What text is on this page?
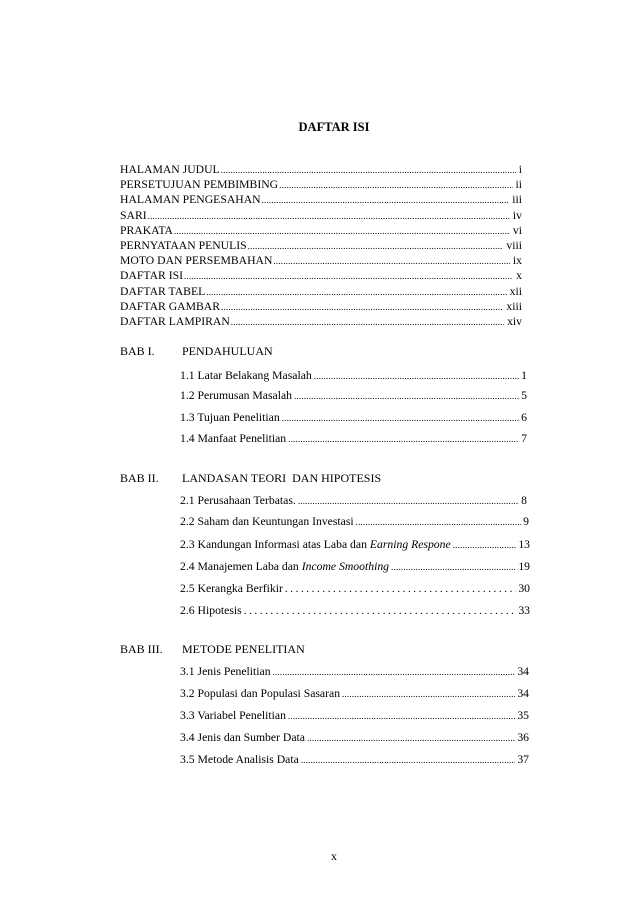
DAFTAR ISI
HALAMAN JUDUL .....	i
PERSETUJUAN PEMBIMBING .....	ii
HALAMAN PENGESAHAN .....	iii
SARI .....	iv
PRAKATA .....	vi
PERNYATAAN PENULIS .....	viii
MOTO DAN PERSEMBAHAN .....	ix
DAFTAR ISI .....	x
DAFTAR TABEL .....	xii
DAFTAR GAMBAR .....	xiii
DAFTAR LAMPIRAN .....	xiv
BAB I. PENDAHULUAN
1.1 Latar Belakang Masalah .....	1
1.2 Perumusan Masalah .....	5
1.3 Tujuan Penelitian .....	6
1.4 Manfaat Penelitian .....	7
BAB II. LANDASAN TEORI  DAN HIPOTESIS
2.1 Perusahaan Terbatas. .....	8
2.2 Saham dan Keuntungan Investasi .....	9
2.3 Kandungan Informasi atas Laba dan Earning Respone .....	13
2.4 Manajemen Laba dan Income Smoothing .....	19
2.5 Kerangka Berfikir .....	30
2.6 Hipotesis .....	33
BAB III. METODE PENELITIAN
3.1 Jenis Penelitian .....	34
3.2 Populasi dan Populasi Sasaran .....	34
3.3 Variabel Penelitian .....	35
3.4 Jenis dan Sumber Data .....	36
3.5 Metode Analisis Data .....	37
x
